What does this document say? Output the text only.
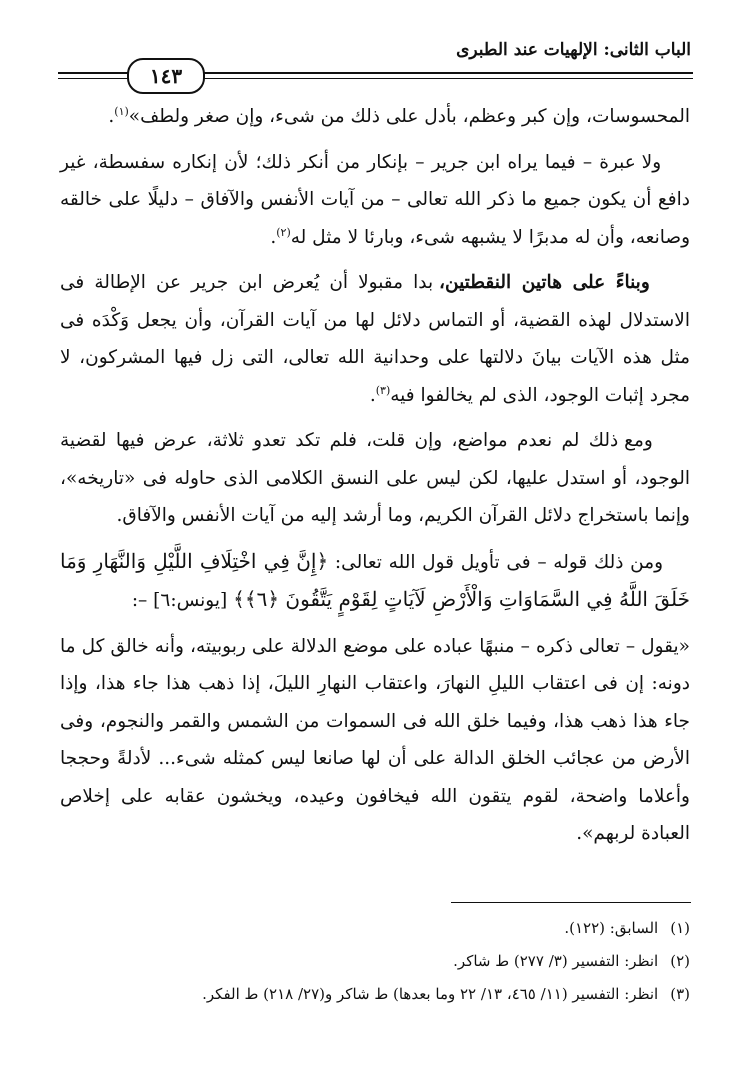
الباب الثانى: الإلهيات عند الطبرى
١٤٣

المحسوسات، وإن كبر وعظم، بأدل على ذلك من شىء، وإن صغر ولطف»$^{(١)}$.

ولا عبرة – فيما يراه ابن جرير – بإنكار من أنكر ذلك؛ لأن إنكاره سفسطة، غير دافع أن يكون جميع ما ذكر الله تعالى – من آيات الأنفس والآفاق – دليلًا على خالقه وصانعه، وأن له مدبرًا لا يشبهه شىء، وبارئا لا مثل له$^{(٢)}$.

وبناءً على هاتين النقطتين، بدا مقبولا أن يُعرض ابن جرير عن الإطالة فى الاستدلال لهذه القضية، أو التماس دلائل لها من آيات القرآن، وأن يجعل وَكْدَه فى مثل هذه الآيات بيانَ دلالتها على وحدانية الله تعالى، التى زل فيها المشركون، لا مجرد إثبات الوجود، الذى لم يخالفوا فيه$^{(٣)}$.

ومع ذلك لم نعدم مواضع، وإن قلت، فلم تكد تعدو ثلاثة، عرض فيها لقضية الوجود، أو استدل عليها، لكن ليس على النسق الكلامى الذى حاوله فى «تاريخه»، وإنما باستخراج دلائل القرآن الكريم، وما أرشد إليه من آيات الأنفس والآفاق.

ومن ذلك قوله – فى تأويل قول الله تعالى: ﴿إِنَّ فِي اخْتِلَافِ اللَّيْلِ وَالنَّهَارِ وَمَا خَلَقَ اللَّهُ فِي السَّمَاوَاتِ وَالْأَرْضِ لَآيَاتٍ لِقَوْمٍ يَتَّقُونَ ﴿٦﴾﴾ [يونس:٦] –:

«يقول – تعالى ذكره – منبهًا عباده على موضع الدلالة على ربوبيته، وأنه خالق كل ما دونه: إن فى اعتقاب الليلِ النهارَ، واعتقاب النهارِ الليلَ، إذا ذهب هذا جاء هذا، وإذا جاء هذا ذهب هذا، وفيما خلق الله فى السموات من الشمس والقمر والنجوم، وفى الأرض من عجائب الخلق الدالة على أن لها صانعا ليس كمثله شىء... لأدلةً وحججا وأعلاما واضحة، لقوم يتقون الله فيخافون وعيده، ويخشون عقابه على إخلاص العبادة لربهم».

(١)السابق: (١٢٢).
(٢)انظر: التفسير (٣/ ٢٧٧) ط شاكر.
(٣)انظر: التفسير (١١/ ٤٦٥، ١٣/ ٢٢ وما بعدها) ط شاكر و(٢٧/ ٢١٨) ط الفكر.
